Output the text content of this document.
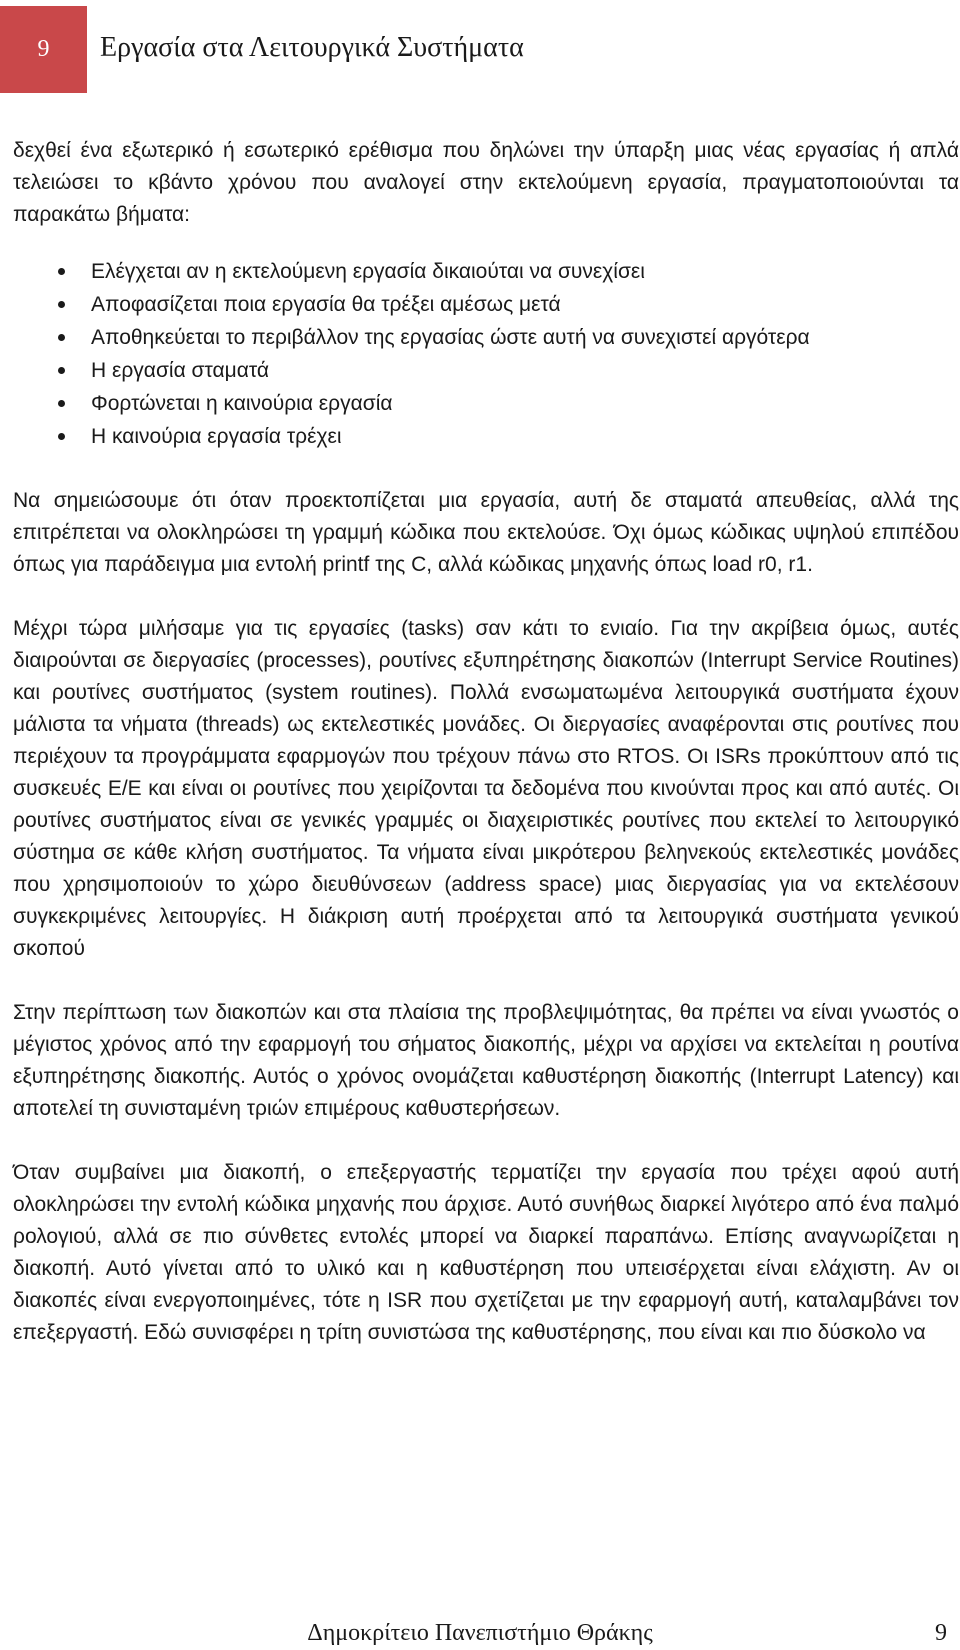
9 Εργασία στα Λειτουργικά Συστήματα

δεχθεί ένα εξωτερικό ή εσωτερικό ερέθισμα που δηλώνει την ύπαρξη μιας νέας εργασίας ή απλά τελειώσει το κβάντο χρόνου που αναλογεί στην εκτελούμενη εργασία, πραγματοποιούνται τα παρακάτω βήματα:

Ελέγχεται αν η εκτελούμενη εργασία δικαιούται να συνεχίσει
Αποφασίζεται ποια εργασία θα τρέξει αμέσως μετά
Αποθηκεύεται το περιβάλλον της εργασίας ώστε αυτή να συνεχιστεί αργότερα
Η εργασία σταματά
Φορτώνεται η καινούρια εργασία
Η καινούρια εργασία τρέχει

Να σημειώσουμε ότι όταν προεκτοπίζεται μια εργασία, αυτή δε σταματά απευθείας, αλλά της επιτρέπεται να ολοκληρώσει τη γραμμή κώδικα που εκτελούσε. Όχι όμως κώδικας υψηλού επιπέδου όπως για παράδειγμα μια εντολή printf της C, αλλά κώδικας μηχανής όπως load r0, r1.

Μέχρι τώρα μιλήσαμε για τις εργασίες (tasks) σαν κάτι το ενιαίο. Για την ακρίβεια όμως, αυτές διαιρούνται σε διεργασίες (processes), ρουτίνες εξυπηρέτησης διακοπών (Interrupt Service Routines) και ρουτίνες συστήματος (system routines). Πολλά ενσωματωμένα λειτουργικά συστήματα έχουν μάλιστα τα νήματα (threads) ως εκτελεστικές μονάδες. Οι διεργασίες αναφέρονται στις ρουτίνες που περιέχουν τα προγράμματα εφαρμογών που τρέχουν πάνω στο RTOS. Οι ISRs προκύπτουν από τις συσκευές Ε/Ε και είναι οι ρουτίνες που χειρίζονται τα δεδομένα που κινούνται προς και από αυτές. Οι ρουτίνες συστήματος είναι σε γενικές γραμμές οι διαχειριστικές ρουτίνες που εκτελεί το λειτουργικό σύστημα σε κάθε κλήση συστήματος. Τα νήματα είναι μικρότερου βεληνεκούς εκτελεστικές μονάδες που χρησιμοποιούν το χώρο διευθύνσεων (address space) μιας διεργασίας για να εκτελέσουν συγκεκριμένες λειτουργίες. Η διάκριση αυτή προέρχεται από τα λειτουργικά συστήματα γενικού σκοπού

Στην περίπτωση των διακοπών και στα πλαίσια της προβλεψιμότητας, θα πρέπει να είναι γνωστός ο μέγιστος χρόνος από την εφαρμογή του σήματος διακοπής, μέχρι να αρχίσει να εκτελείται η ρουτίνα εξυπηρέτησης διακοπής. Αυτός ο χρόνος ονομάζεται καθυστέρηση διακοπής (Interrupt Latency) και αποτελεί τη συνισταμένη τριών επιμέρους καθυστερήσεων.

Όταν συμβαίνει μια διακοπή, ο επεξεργαστής τερματίζει την εργασία που τρέχει αφού αυτή ολοκληρώσει την εντολή κώδικα μηχανής που άρχισε. Αυτό συνήθως διαρκεί λιγότερο από ένα παλμό ρολογιού, αλλά σε πιο σύνθετες εντολές μπορεί να διαρκεί παραπάνω. Επίσης αναγνωρίζεται η διακοπή. Αυτό γίνεται από το υλικό και η καθυστέρηση που υπεισέρχεται είναι ελάχιστη. Αν οι διακοπές είναι ενεργοποιημένες, τότε η ISR που σχετίζεται με την εφαρμογή αυτή, καταλαμβάνει τον επεξεργαστή. Εδώ συνισφέρει η τρίτη συνιστώσα της καθυστέρησης, που είναι και πιο δύσκολο να

Δημοκρίτειο Πανεπιστήμιο Θράκης	9
